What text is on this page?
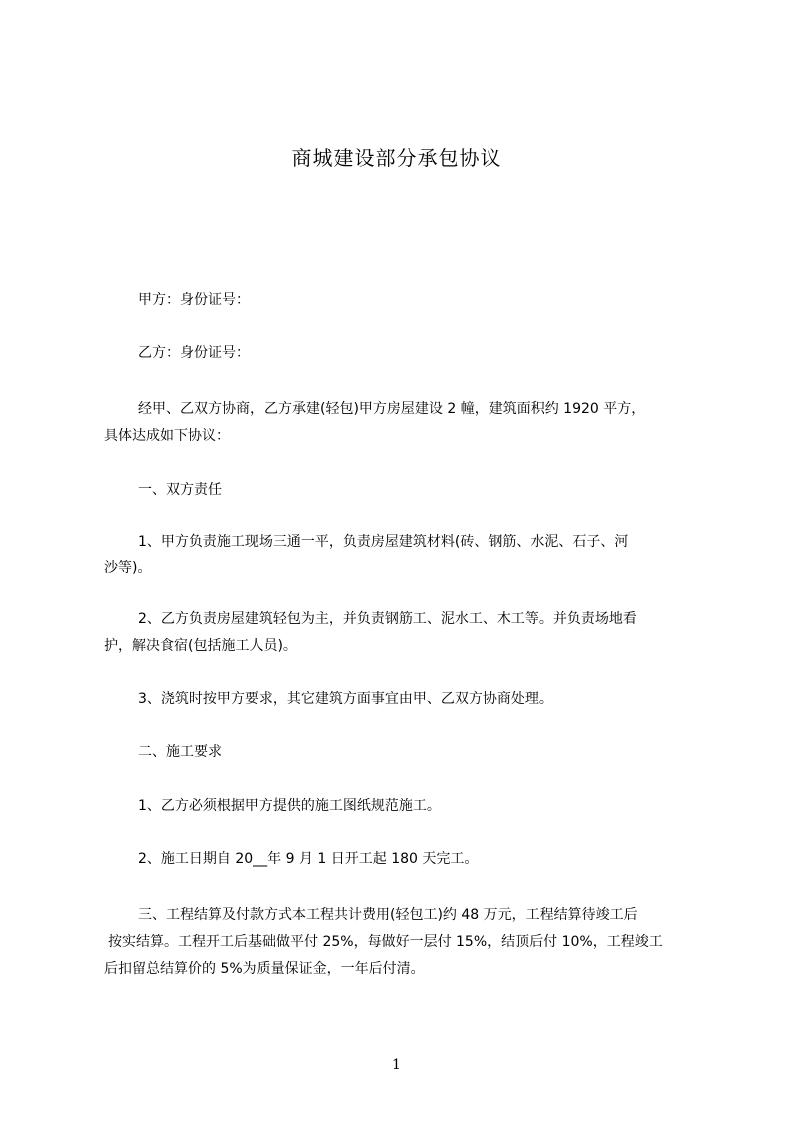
商城建设部分承包协议

甲方：身份证号：

乙方：身份证号：

经甲、乙双方协商，乙方承建(轻包)甲方房屋建设 2 幢，建筑面积约 1920 平方，

具体达成如下协议：

一、双方责任

1、甲方负责施工现场三通一平，负责房屋建筑材料(砖、钢筋、水泥、石子、河

沙等)。

2、乙方负责房屋建筑轻包为主，并负责钢筋工、泥水工、木工等。并负责场地看

护，解决食宿(包括施工人员)。

3、浇筑时按甲方要求，其它建筑方面事宜由甲、乙双方协商处理。

二、施工要求

1、乙方必须根据甲方提供的施工图纸规范施工。

2、施工日期自 20__年 9 月 1 日开工起 180 天完工。

三、工程结算及付款方式本工程共计费用(轻包工)约 48 万元，工程结算待竣工后

按实结算。工程开工后基础做平付 25%，每做好一层付 15%，结顶后付 10%，工程竣工

后扣留总结算价的 5%为质量保证金，一年后付清。

1
